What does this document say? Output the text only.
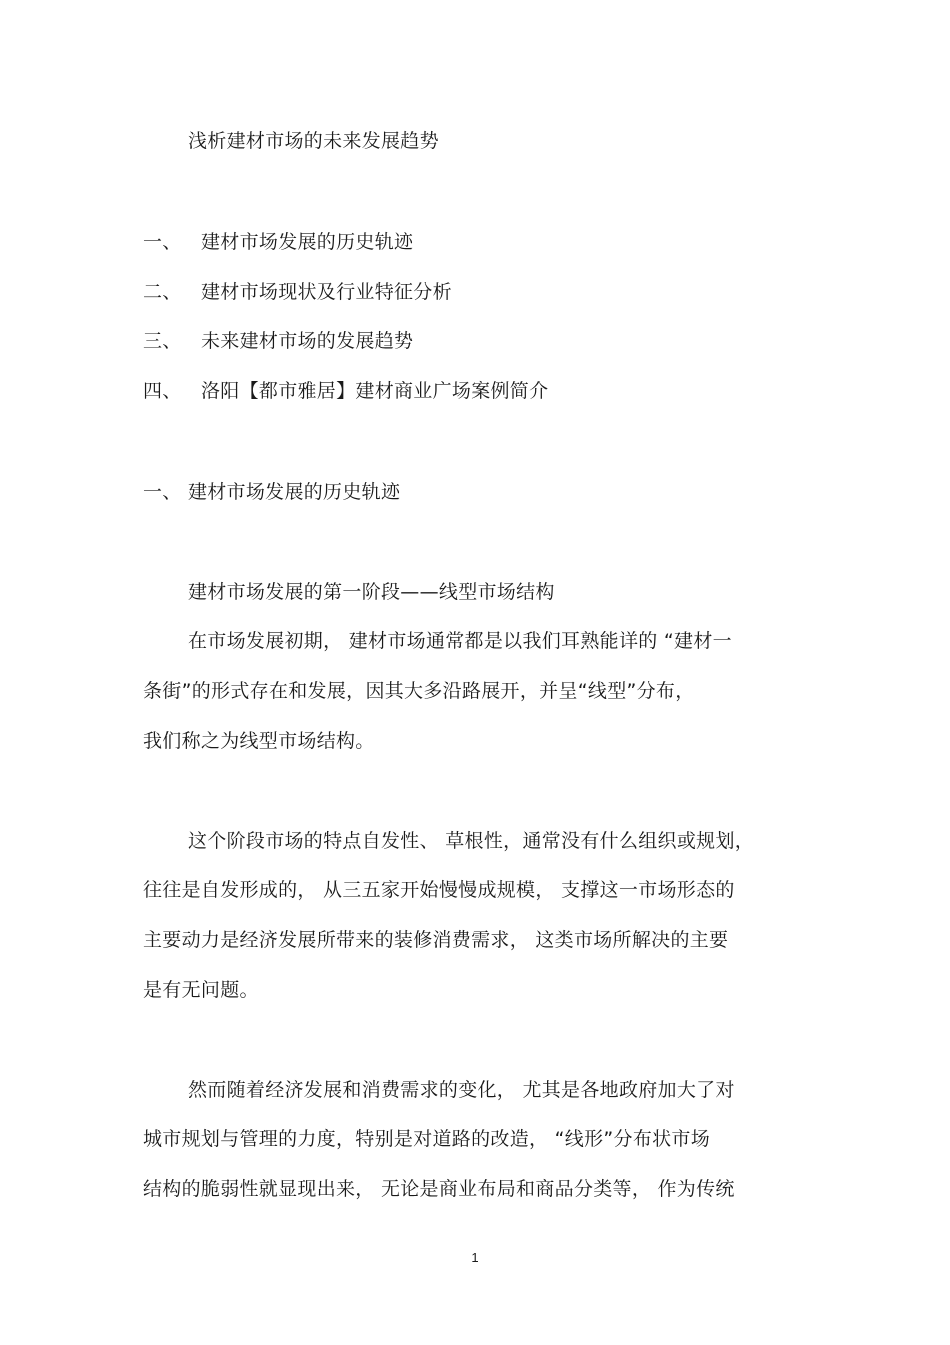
浅析建材市场的未来发展趋势
一、 建材市场发展的历史轨迹
二、 建材市场现状及行业特征分析
三、 未来建材市场的发展趋势
四、 洛阳【都市雅居】建材商业广场案例简介
一、 建材市场发展的历史轨迹
建材市场发展的第一阶段——线型市场结构
在市场发展初期， 建材市场通常都是以我们耳熟能详的 “建材一
条街”的形式存在和发展，因其大多沿路展开，并呈“线型”分布，
我们称之为线型市场结构。
这个阶段市场的特点自发性、 草根性，通常没有什么组织或规划，
往往是自发形成的， 从三五家开始慢慢成规模， 支撑这一市场形态的
主要动力是经济发展所带来的装修消费需求， 这类市场所解决的主要
是有无问题。
然而随着经济发展和消费需求的变化， 尤其是各地政府加大了对
城市规划与管理的力度，特别是对道路的改造， “线形”分布状市场
结构的脆弱性就显现出来， 无论是商业布局和商品分类等， 作为传统
1
